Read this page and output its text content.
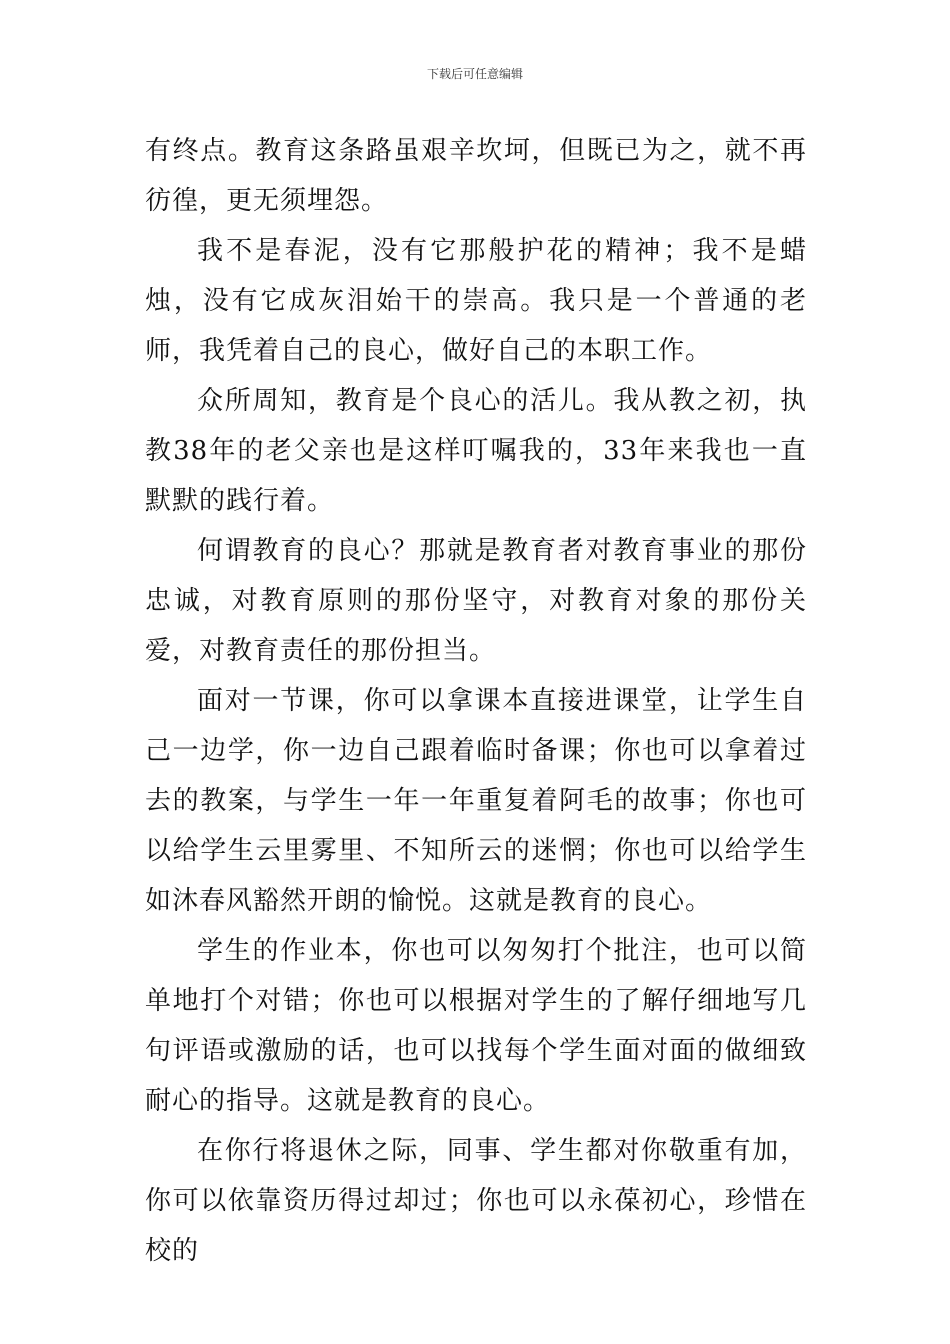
下载后可任意编辑

有终点。教育这条路虽艰辛坎坷，但既已为之，就不再彷徨，更无须埋怨。

我不是春泥，没有它那般护花的精神；我不是蜡烛，没有它成灰泪始干的崇高。我只是一个普通的老师，我凭着自己的良心，做好自己的本职工作。

众所周知，教育是个良心的活儿。我从教之初，执教38年的老父亲也是这样叮嘱我的，33年来我也一直默默的践行着。

何谓教育的良心？那就是教育者对教育事业的那份忠诚，对教育原则的那份坚守，对教育对象的那份关爱，对教育责任的那份担当。

面对一节课，你可以拿课本直接进课堂，让学生自己一边学，你一边自己跟着临时备课；你也可以拿着过去的教案，与学生一年一年重复着阿毛的故事；你也可以给学生云里雾里、不知所云的迷惘；你也可以给学生如沐春风豁然开朗的愉悦。这就是教育的良心。

学生的作业本，你也可以匆匆打个批注，也可以简单地打个对错；你也可以根据对学生的了解仔细地写几句评语或激励的话，也可以找每个学生面对面的做细致耐心的指导。这就是教育的良心。

在你行将退休之际，同事、学生都对你敬重有加，你可以依靠资历得过却过；你也可以永葆初心，珍惜在校的
